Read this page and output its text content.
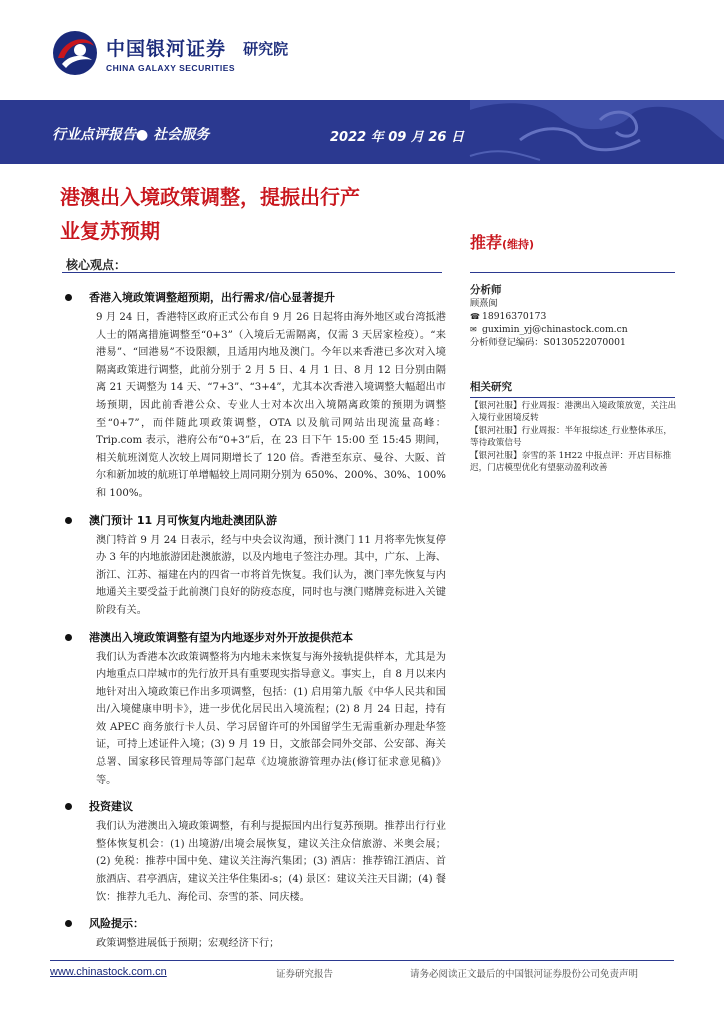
中国银河证券
CHINA GALAXY SECURITIES
研究院
行业点评报告● 社会服务	2022 年 09 月 26 日
港澳出入境政策调整，提振出行产
业复苏预期	推荐(维持)
核心观点：
香港入境政策调整超预期，出行需求/信心显著提升
9 月 24 日，香港特区政府正式公布自 9 月 26 日起将由海外地区或台湾抵港人士的隔离措施调整至“0+3”（入境后无需隔离，仅需 3 天居家检疫）。“来港易”、“回港易”不设限额，且适用内地及澳门。今年以来香港已多次对入境隔离政策进行调整，此前分别于 2 月 5 日、4 月 1 日、8 月 12 日分别由隔离 21 天调整为 14 天、“7+3”、“3+4”，尤其本次香港入境调整大幅超出市场预期，因此前香港公众、专业人士对本次出入境隔离政策的预期为调整至“0+7”，而伴随此项政策调整，OTA 以及航司网站出现流量高峰：Trip.com 表示，港府公布“0+3”后，在 23 日下午 15:00 至 15:45 期间，相关航班浏览人次较上周同期增长了 120 倍。香港至东京、曼谷、大阪、首尔和新加坡的航班订单增幅较上周同期分别为 650%、200%、30%、100%和 100%。
澳门预计 11 月可恢复内地赴澳团队游
澳门特首 9 月 24 日表示，经与中央会议沟通，预计澳门 11 月将率先恢复停办 3 年的内地旅游团赴澳旅游，以及内地电子签注办理。其中，广东、上海、浙江、江苏、福建在内的四省一市将首先恢复。我们认为，澳门率先恢复与内地通关主要受益于此前澳门良好的防疫态度，同时也与澳门赌牌竞标进入关键阶段有关。
港澳出入境政策调整有望为内地逐步对外开放提供范本
我们认为香港本次政策调整将为内地未来恢复与海外接轨提供样本，尤其是为内地重点口岸城市的先行放开具有重要现实指导意义。事实上，自 8 月以来内地针对出入境政策已作出多项调整，包括：(1) 启用第九版《中华人民共和国出/入境健康申明卡》，进一步优化居民出入境流程；(2) 8 月 24 日起，持有效 APEC 商务旅行卡人员、学习居留许可的外国留学生无需重新办理赴华签证，可持上述证件入境；(3) 9 月 19 日，文旅部会同外交部、公安部、海关总署、国家移民管理局等部门起草《边境旅游管理办法(修订征求意见稿)》等。
投资建议
我们认为港澳出入境政策调整，有利与提振国内出行复苏预期。推荐出行行业整体恢复机会：(1) 出境游/出境会展恢复，建议关注众信旅游、米奥会展；(2) 免税：推荐中国中免、建议关注海汽集团；(3) 酒店：推荐锦江酒店、首旅酒店、君亭酒店，建议关注华住集团-s；(4) 景区：建议关注天目湖；(4) 餐饮：推荐九毛九、海伦司、奈雪的茶、同庆楼。
风险提示：
政策调整进展低于预期；宏观经济下行；
分析师
顾熹闽
☎ 18916370173
✉ guximin_yj@chinastock.com.cn
分析师登记编码：S0130522070001
相关研究
【银河社服】行业周报：港澳出入境政策放宽，关注出入境行业困境反转
【银河社服】行业周报：半年报综述_行业整体承压，等待政策信号
【银河社服】奈雪的茶 1H22 中报点评：开店目标推迟，门店模型优化有望驱动盈利改善
www.chinastock.com.cn	证券研究报告	请务必阅读正文最后的中国银河证券股份公司免责声明
